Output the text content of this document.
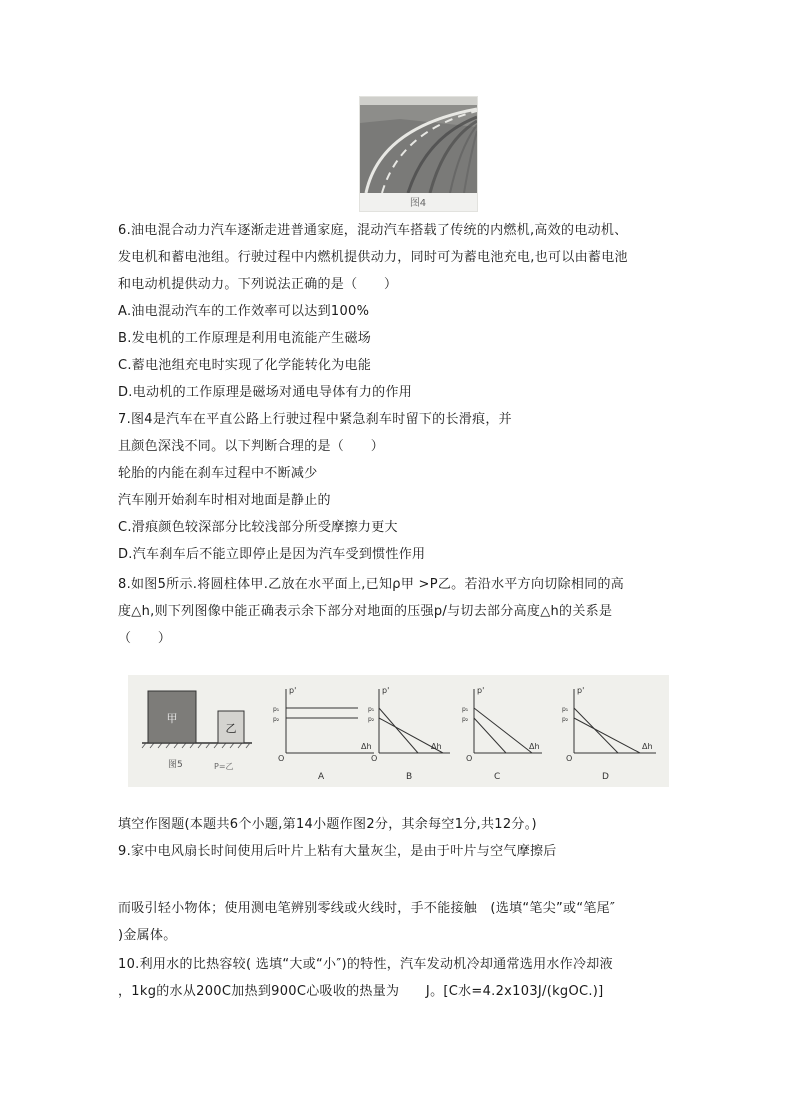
图4
6.油电混合动力汽车逐渐走进普通家庭，混动汽车搭载了传统的内燃机,高效的电动机、
发电机和蓄电池组。行驶过程中内燃机提供动力，同时可为蓄电池充电,也可以由蓄电池
和电动机提供动力。下列说法正确的是（　　）
A.油电混动汽车的工作效率可以达到100%
B.发电机的工作原理是利用电流能产生磁场
C.蓄电池组充电时实现了化学能转化为电能
D.电动机的工作原理是磁场对通电导体有力的作用
7.图4是汽车在平直公路上行驶过程中紧急刹车时留下的长滑痕，并
且颜色深浅不同。以下判断合理的是（　　）
轮胎的内能在刹车过程中不断减少
汽车刚开始刹车时相对地面是静止的
C.滑痕颜色较深部分比较浅部分所受摩擦力更大
D.汽车刹车后不能立即停止是因为汽车受到惯性作用
8.如图5所示.将圆柱体甲.乙放在水平面上,已知ρ甲 >P乙。若沿水平方向切除相同的高
度△h,则下列图像中能正确表示余下部分对地面的压强p/与切去部分高度△h的关系是
（　　）
甲
乙
图5	P=乙
p'
p₁
p₂
Δh
O
A
p'
p₁
p₂
Δh
O
B
p'
p₁
p₂
Δh
O
C
p'
p₁
p₂
Δh
O
D
填空作图题(本题共6个小题,第14小题作图2分，其余每空1分,共12分。)
9.家中电风扇长时间使用后叶片上粘有大量灰尘，是由于叶片与空气摩擦后
而吸引轻小物体；使用测电笔辨别零线或火线时，手不能接触　(选填“笔尖”或“笔尾″
)金属体。
10.利用水的比热容较( 选填“大或“小″)的特性，汽车发动机冷却通常选用水作冷却液
，1kg的水从200C加热到900C心吸收的热量为　　J。[C水=4.2x103J/(kgOC.)]
